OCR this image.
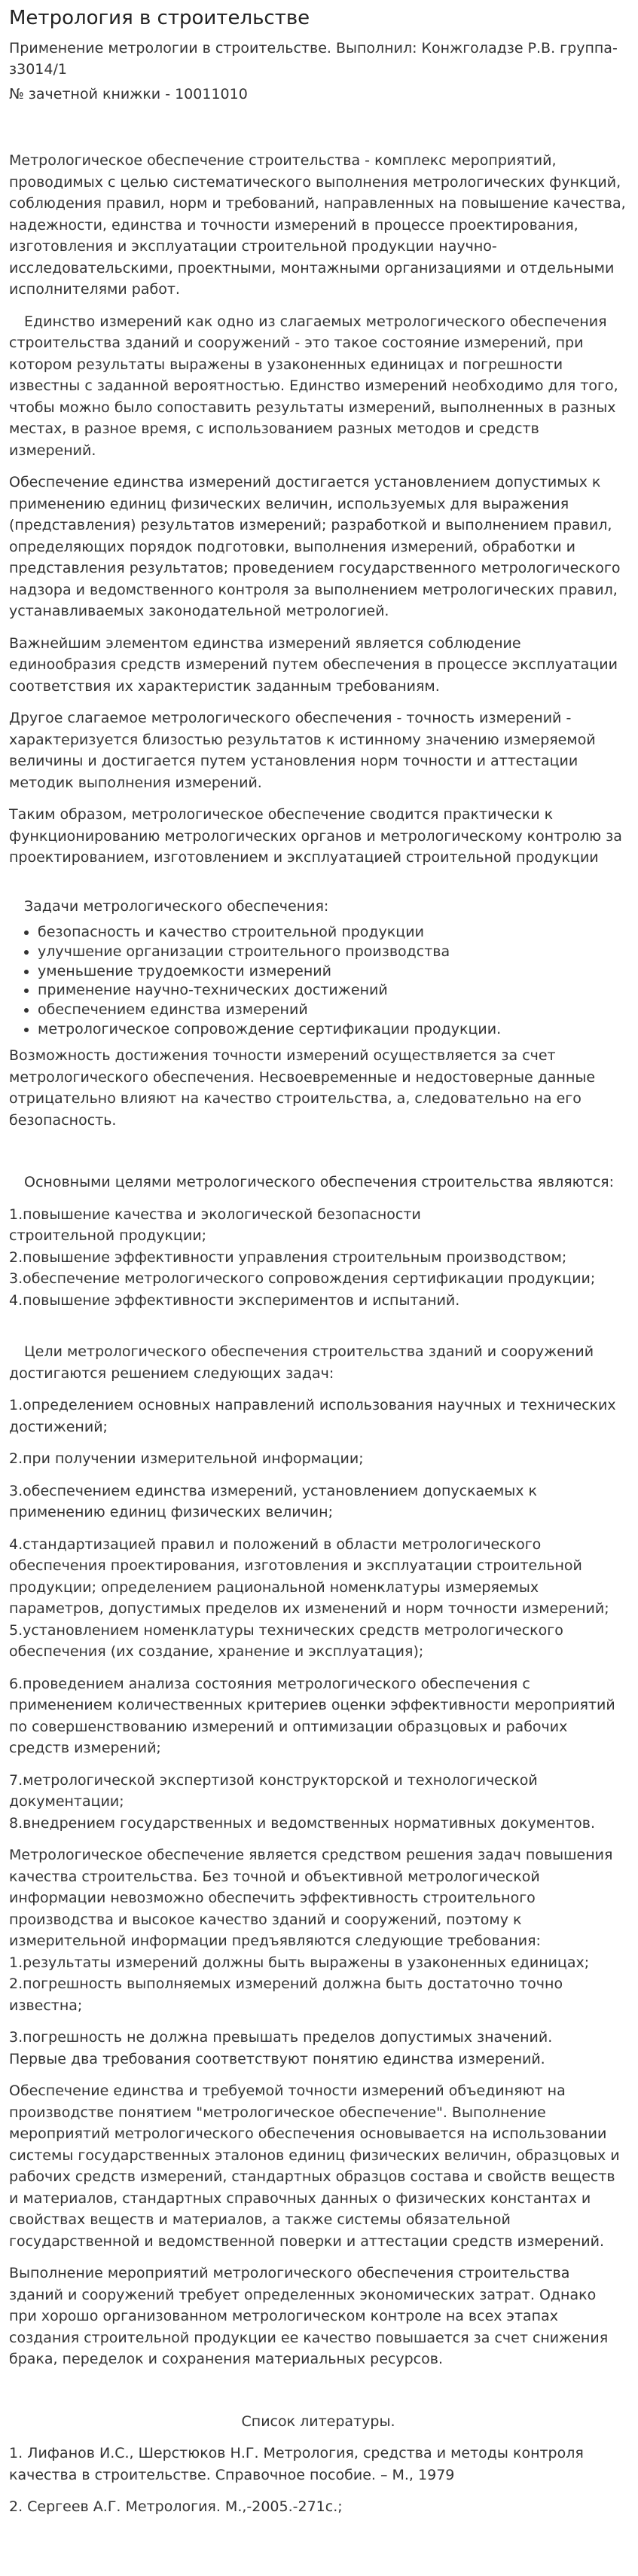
Метрология в строительстве

Применение метрологии в строительстве. Выполнил: Конжголадзе Р.В. группа-з3014/1

№ зачетной книжки - 10011010

Метрологическое обеспечение строительства - комплекс мероприятий, проводимых с целью систематического выполнения метрологических функций, соблюдения правил, норм и требований, направленных на повышение качества, надежности, единства и точности измерений в процессе проектирования, изготовления и эксплуатации строительной продукции научно-исследовательскими, проектными, монтажными организациями и отдельными исполнителями работ.

Единство измерений как одно из слагаемых метрологического обеспечения строительства зданий и сооружений - это такое состояние измерений, при котором результаты выражены в узаконенных единицах и погрешности известны с заданной вероятностью. Единство измерений необходимо для того, чтобы можно было сопоставить результаты измерений, выполненных в разных местах, в разное время, с использованием разных методов и средств измерений.

Обеспечение единства измерений достигается установлением допустимых к применению единиц физических величин, используемых для выражения (представления) результатов измерений; разработкой и выполнением правил, определяющих порядок подготовки, выполнения измерений, обработки и представления результатов; проведением государственного метрологического надзора и ведомственного контроля за выполнением метрологических правил, устанавливаемых законодательной метрологией.

Важнейшим элементом единства измерений является соблюдение единообразия средств измерений путем обеспечения в процессе эксплуатации соответствия их характеристик заданным требованиям.

Другое слагаемое метрологического обеспечения - точность измерений - характеризуется близостью результатов к истинному значению измеряемой величины и достигается путем установления норм точности и аттестации методик выполнения измерений.

Таким образом, метрологическое обеспечение сводится практически к функционированию метрологических органов и метрологическому контролю за проектированием, изготовлением и эксплуатацией строительной продукции

Задачи метрологического обеспечения:

• безопасность и качество строительной продукции
• улучшение организации строительного производства
• уменьшение трудоемкости измерений
• применение научно-технических достижений
• обеспечением единства измерений
• метрологическое сопровождение сертификации продукции.

Возможность достижения точности измерений осуществляется за счет метрологического обеспечения. Несвоевременные и недостоверные данные отрицательно влияют на качество строительства, а, следовательно на его безопасность.

Основными целями метрологического обеспечения строительства являются:

1.повышение качества и экологической безопасности
строительной продукции;
2.повышение эффективности управления строительным производством;
3.обеспечение метрологического сопровождения сертификации продукции;
4.повышение эффективности экспериментов и испытаний.

Цели метрологического обеспечения строительства зданий и сооружений достигаются решением следующих задач:

1.определением основных направлений использования научных и технических достижений;

2.при получении измерительной информации;

3.обеспечением единства измерений, установлением допускаемых к применению единиц физических величин;

4.стандартизацией правил и положений в области метрологического обеспечения проектирования, изготовления и эксплуатации строительной продукции; определением рациональной номенклатуры измеряемых параметров, допустимых пределов их изменений и норм точности измерений;

5.установлением номенклатуры технических средств метрологического обеспечения (их создание, хранение и эксплуатация);

6.проведением анализа состояния метрологического обеспечения с применением количественных критериев оценки эффективности мероприятий по совершенствованию измерений и оптимизации образцовых и рабочих средств измерений;

7.метрологической экспертизой конструкторской и технологической документации;

8.внедрением государственных и ведомственных нормативных документов.

Метрологическое обеспечение является средством решения задач повышения качества строительства. Без точной и объективной метрологической информации невозможно обеспечить эффективность строительного производства и высокое качество зданий и сооружений, поэтому к измерительной информации предъявляются следующие требования:

1.результаты измерений должны быть выражены в узаконенных единицах;

2.погрешность выполняемых измерений должна быть достаточно точно известна;

3.погрешность не должна превышать пределов допустимых значений.

Первые два требования соответствуют понятию единства измерений.

Обеспечение единства и требуемой точности измерений объединяют на производстве понятием "метрологическое обеспечение". Выполнение мероприятий метрологического обеспечения основывается на использовании системы государственных эталонов единиц физических величин, образцовых и рабочих средств измерений, стандартных образцов состава и свойств веществ и материалов, стандартных справочных данных о физических константах и свойствах веществ и материалов, а также системы обязательной государственной и ведомственной поверки и аттестации средств измерений.

Выполнение мероприятий метрологического обеспечения строительства зданий и сооружений требует определенных экономических затрат. Однако при хорошо организованном метрологическом контроле на всех этапах создания строительной продукции ее качество повышается за счет снижения брака, переделок и сохранения материальных ресурсов.

Список литературы.

1. Лифанов И.С., Шерстюков Н.Г. Метрология, средства и методы контроля качества в строительстве. Справочное пособие. – М., 1979

2. Сергеев А.Г. Метрология. М.,-2005.-271с.;
